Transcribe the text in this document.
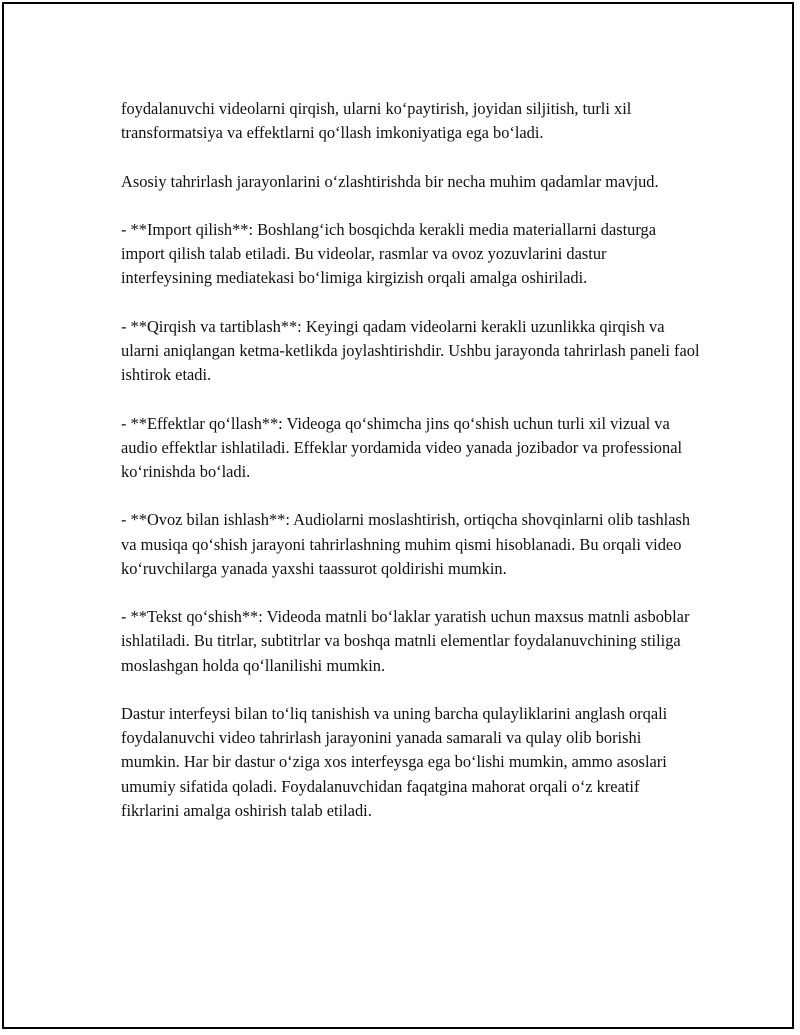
foydalanuvchi videolarni qirqish, ularni koʻpaytirish, joyidan siljitish, turli xil transformatsiya va effektlarni qoʻllash imkoniyatiga ega boʻladi.

Asosiy tahrirlash jarayonlarini oʻzlashtirishda bir necha muhim qadamlar mavjud.

- **Import qilish**: Boshlangʻich bosqichda kerakli media materiallarni dasturga import qilish talab etiladi. Bu videolar, rasmlar va ovoz yozuvlarini dastur interfeysining mediatekasi boʻlimiga kirgizish orqali amalga oshiriladi.

- **Qirqish va tartiblash**: Keyingi qadam videolarni kerakli uzunlikka qirqish va ularni aniqlangan ketma-ketlikda joylashtirishdir. Ushbu jarayonda tahrirlash paneli faol ishtirok etadi.

- **Effektlar qoʻllash**: Videoga qoʻshimcha jins qoʻshish uchun turli xil vizual va audio effektlar ishlatiladi. Effeklar yordamida video yanada jozibador va professional koʻrinishda boʻladi.

- **Ovoz bilan ishlash**: Audiolarni moslashtirish, ortiqcha shovqinlarni olib tashlash va musiqa qoʻshish jarayoni tahrirlashning muhim qismi hisoblanadi. Bu orqali video koʻruvchilarga yanada yaxshi taassurot qoldirishi mumkin.

- **Tekst qoʻshish**: Videoda matnli boʻlaklar yaratish uchun maxsus matnli asboblar ishlatiladi. Bu titrlar, subtitrlar va boshqa matnli elementlar foydalanuvchining stiliga moslashgan holda qoʻllanilishi mumkin.

Dastur interfeysi bilan toʻliq tanishish va uning barcha qulayliklarini anglash orqali foydalanuvchi video tahrirlash jarayonini yanada samarali va qulay olib borishi mumkin. Har bir dastur oʻziga xos interfeysga ega boʻlishi mumkin, ammo asoslari umumiy sifatida qoladi. Foydalanuvchidan faqatgina mahorat orqali oʻz kreatif fikrlarini amalga oshirish talab etiladi.
